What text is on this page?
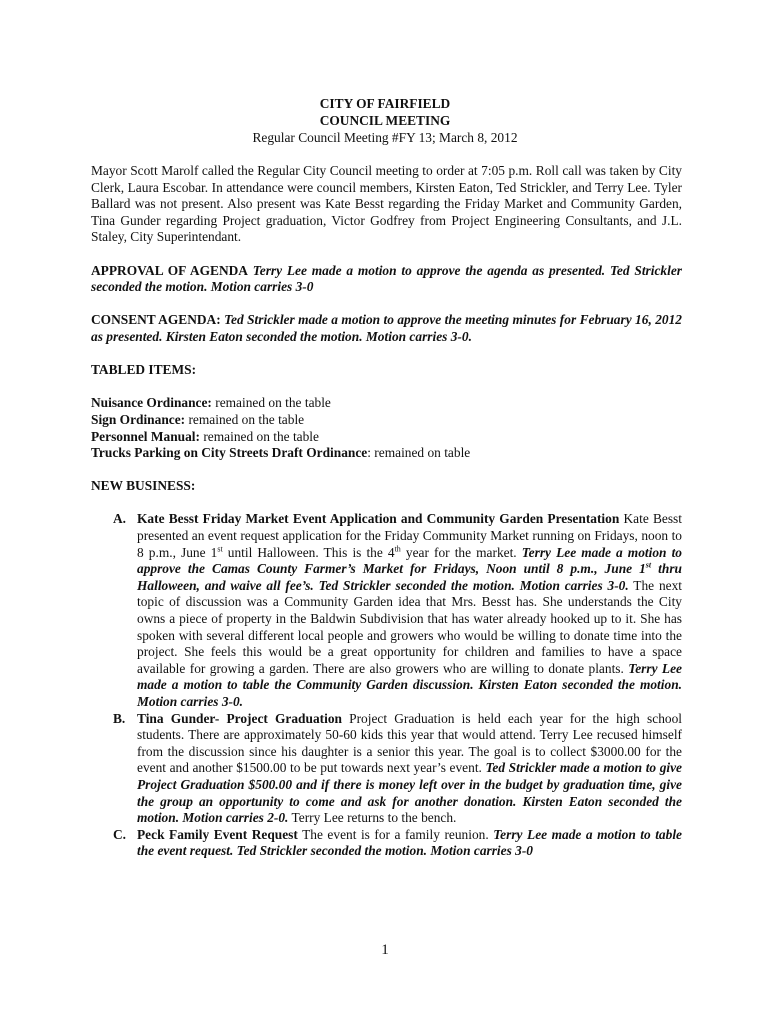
CITY OF FAIRFIELD
COUNCIL MEETING
Regular Council Meeting #FY 13; March 8, 2012

Mayor Scott Marolf called the Regular City Council meeting to order at 7:05 p.m. Roll call was taken by City Clerk, Laura Escobar. In attendance were council members, Kirsten Eaton, Ted Strickler, and Terry Lee. Tyler Ballard was not present. Also present was Kate Besst regarding the Friday Market and Community Garden, Tina Gunder regarding Project graduation, Victor Godfrey from Project Engineering Consultants, and J.L. Staley, City Superintendant.

APPROVAL OF AGENDA Terry Lee made a motion to approve the agenda as presented. Ted Strickler seconded the motion. Motion carries 3-0

CONSENT AGENDA: Ted Strickler made a motion to approve the meeting minutes for February 16, 2012 as presented. Kirsten Eaton seconded the motion. Motion carries 3-0.

TABLED ITEMS:

Nuisance Ordinance: remained on the table

Sign Ordinance: remained on the table

Personnel Manual: remained on the table

Trucks Parking on City Streets Draft Ordinance: remained on table

NEW BUSINESS:

A. Kate Besst Friday Market Event Application and Community Garden Presentation Kate Besst presented an event request application for the Friday Community Market running on Fridays, noon to 8 p.m., June 1st until Halloween. This is the 4th year for the market. Terry Lee made a motion to approve the Camas County Farmer’s Market for Fridays, Noon until 8 p.m., June 1st thru Halloween, and waive all fee’s. Ted Strickler seconded the motion. Motion carries 3-0. The next topic of discussion was a Community Garden idea that Mrs. Besst has. She understands the City owns a piece of property in the Baldwin Subdivision that has water already hooked up to it. She has spoken with several different local people and growers who would be willing to donate time into the project. She feels this would be a great opportunity for children and families to have a space available for growing a garden. There are also growers who are willing to donate plants. Terry Lee made a motion to table the Community Garden discussion. Kirsten Eaton seconded the motion. Motion carries 3-0.
B. Tina Gunder- Project Graduation Project Graduation is held each year for the high school students. There are approximately 50-60 kids this year that would attend. Terry Lee recused himself from the discussion since his daughter is a senior this year. The goal is to collect $3000.00 for the event and another $1500.00 to be put towards next year’s event. Ted Strickler made a motion to give Project Graduation $500.00 and if there is money left over in the budget by graduation time, give the group an opportunity to come and ask for another donation. Kirsten Eaton seconded the motion. Motion carries 2-0. Terry Lee returns to the bench.
C. Peck Family Event Request The event is for a family reunion. Terry Lee made a motion to table the event request. Ted Strickler seconded the motion. Motion carries 3-0
1
